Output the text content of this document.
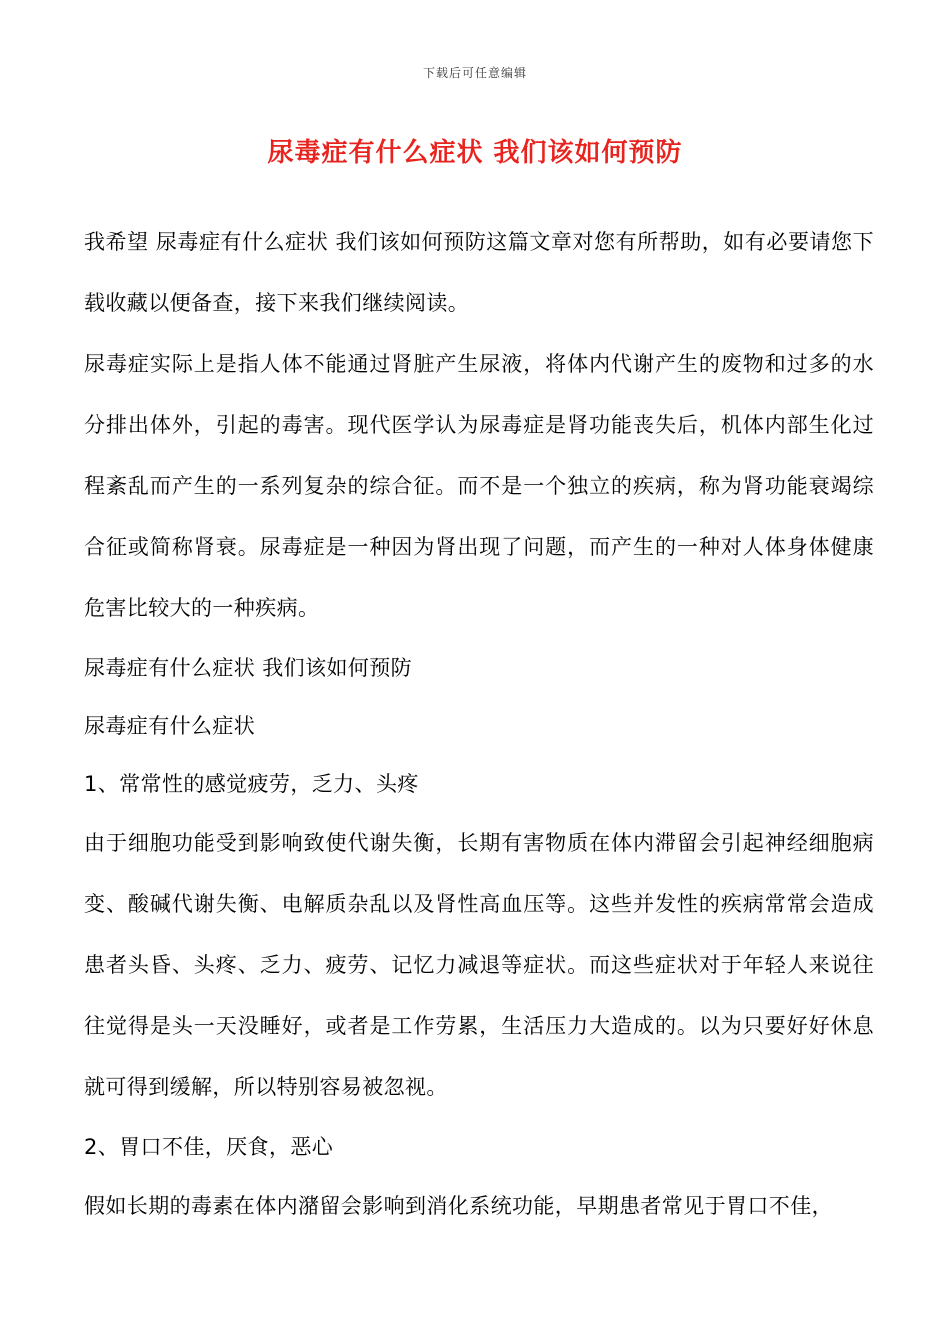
下载后可任意编辑
尿毒症有什么症状 我们该如何预防

我希望 尿毒症有什么症状 我们该如何预防这篇文章对您有所帮助，如有必要请您下载收藏以便备查，接下来我们继续阅读。

尿毒症实际上是指人体不能通过肾脏产生尿液，将体内代谢产生的废物和过多的水分排出体外，引起的毒害。现代医学认为尿毒症是肾功能丧失后，机体内部生化过程紊乱而产生的一系列复杂的综合征。而不是一个独立的疾病，称为肾功能衰竭综合征或简称肾衰。尿毒症是一种因为肾出现了问题，而产生的一种对人体身体健康危害比较大的一种疾病。

尿毒症有什么症状 我们该如何预防

尿毒症有什么症状

1、常常性的感觉疲劳，乏力、头疼

由于细胞功能受到影响致使代谢失衡，长期有害物质在体内滞留会引起神经细胞病变、酸碱代谢失衡、电解质杂乱以及肾性高血压等。这些并发性的疾病常常会造成患者头昏、头疼、乏力、疲劳、记忆力减退等症状。而这些症状对于年轻人来说往往觉得是头一天没睡好，或者是工作劳累，生活压力大造成的。以为只要好好休息就可得到缓解，所以特别容易被忽视。

2、胃口不佳，厌食，恶心

假如长期的毒素在体内潴留会影响到消化系统功能，早期患者常见于胃口不佳，
